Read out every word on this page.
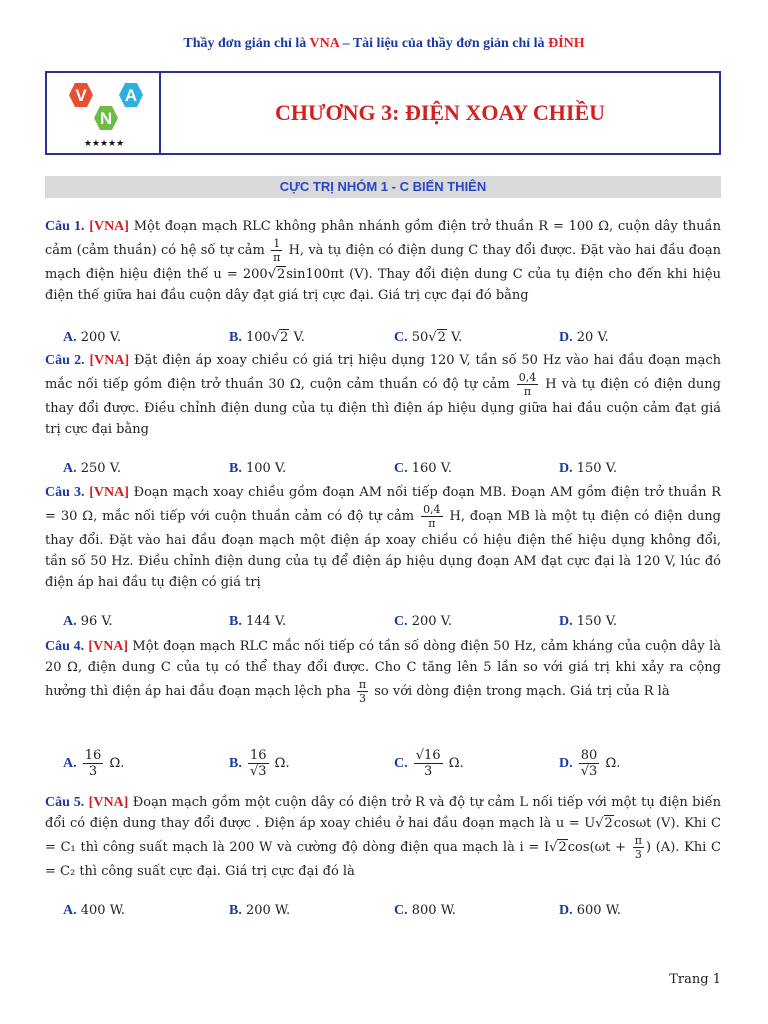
Thầy đơn giản chỉ là VNA – Tài liệu của thầy đơn giản chỉ là ĐỈNH
V A
N
★★★★★
CHƯƠNG 3: ĐIỆN XOAY CHIỀU
CỰC TRỊ NHÓM 1 - C BIẾN THIÊN
Câu 1. [VNA] Một đoạn mạch RLC không phân nhánh gồm điện trở thuần R = 100 Ω, cuộn dây thuần cảm (cảm thuần) có hệ số tự cảm $\frac{1}{\pi} H$, và tụ điện có điện dung C thay đổi được. Đặt vào hai đầu đoạn mạch điện hiệu điện thế u = 200√2sin100πt (V). Thay đổi điện dung C của tụ điện cho đến khi hiệu điện thế giữa hai đầu cuộn dây đạt giá trị cực đại. Giá trị cực đại đó bằng
A. 200 V.	B. 100√2 V.	C. 50√2 V.	D. 20 V.
Câu 2. [VNA] Đặt điện áp xoay chiều có giá trị hiệu dụng 120 V, tần số 50 Hz vào hai đầu đoạn mạch mắc nối tiếp gồm điện trở thuần 30 Ω, cuộn cảm thuần có độ tự cảm $\frac{0,4}{\pi}$ H và tụ điện có điện dung thay đổi được. Điều chỉnh điện dung của tụ điện thì điện áp hiệu dụng giữa hai đầu cuộn cảm đạt giá trị cực đại bằng
A. 250 V.	B. 100 V.	C. 160 V.	D. 150 V.
Câu 3. [VNA] Đoạn mạch xoay chiều gồm đoạn AM nối tiếp đoạn MB. Đoạn AM gồm điện trở thuần R = 30 Ω, mắc nối tiếp với cuộn thuần cảm có độ tự cảm $\frac{0,4}{\pi} H$, đoạn MB là một tụ điện có điện dung thay đổi. Đặt vào hai đầu đoạn mạch một điện áp xoay chiều có hiệu điện thế hiệu dụng không đổi, tần số 50 Hz. Điều chỉnh điện dung của tụ để điện áp hiệu dụng đoạn AM đạt cực đại là 120 V, lúc đó điện áp hai đầu tụ điện có giá trị
A. 96 V.	B. 144 V.	C. 200 V.	D. 150 V.
Câu 4. [VNA] Một đoạn mạch RLC mắc nối tiếp có tần số dòng điện 50 Hz, cảm kháng của cuộn dây là 20 Ω, điện dung C của tụ có thể thay đổi được. Cho C tăng lên 5 lần so với giá trị khi xảy ra cộng hưởng thì điện áp hai đầu đoạn mạch lệch pha $\frac{\pi}{3}$ so với dòng điện trong mạch. Giá trị của R là
A. $\frac{16}{3} \Omega$.	B. $\frac{16}{√3} \Omega$.	C. $\frac{√16}{3} \Omega$.	D. $\frac{80}{√3} \Omega$.
Câu 5. [VNA] Đoạn mạch gồm một cuộn dây có điện trở R và độ tự cảm L nối tiếp với một tụ điện biến đổi có điện dung thay đổi được . Điện áp xoay chiều ở hai đầu đoạn mạch là u = U√2cosωt (V). Khi C = C₁ thì công suất mạch là 200 W và cường độ dòng điện qua mạch là $i = I√2\cos(\omega t + \frac{\pi}{3}$ ) (A). Khi C = C₂ thì công suất cực đại. Giá trị cực đại đó là
A. 400 W.	B. 200 W.	C. 800 W.	D. 600 W.
Trang 1
